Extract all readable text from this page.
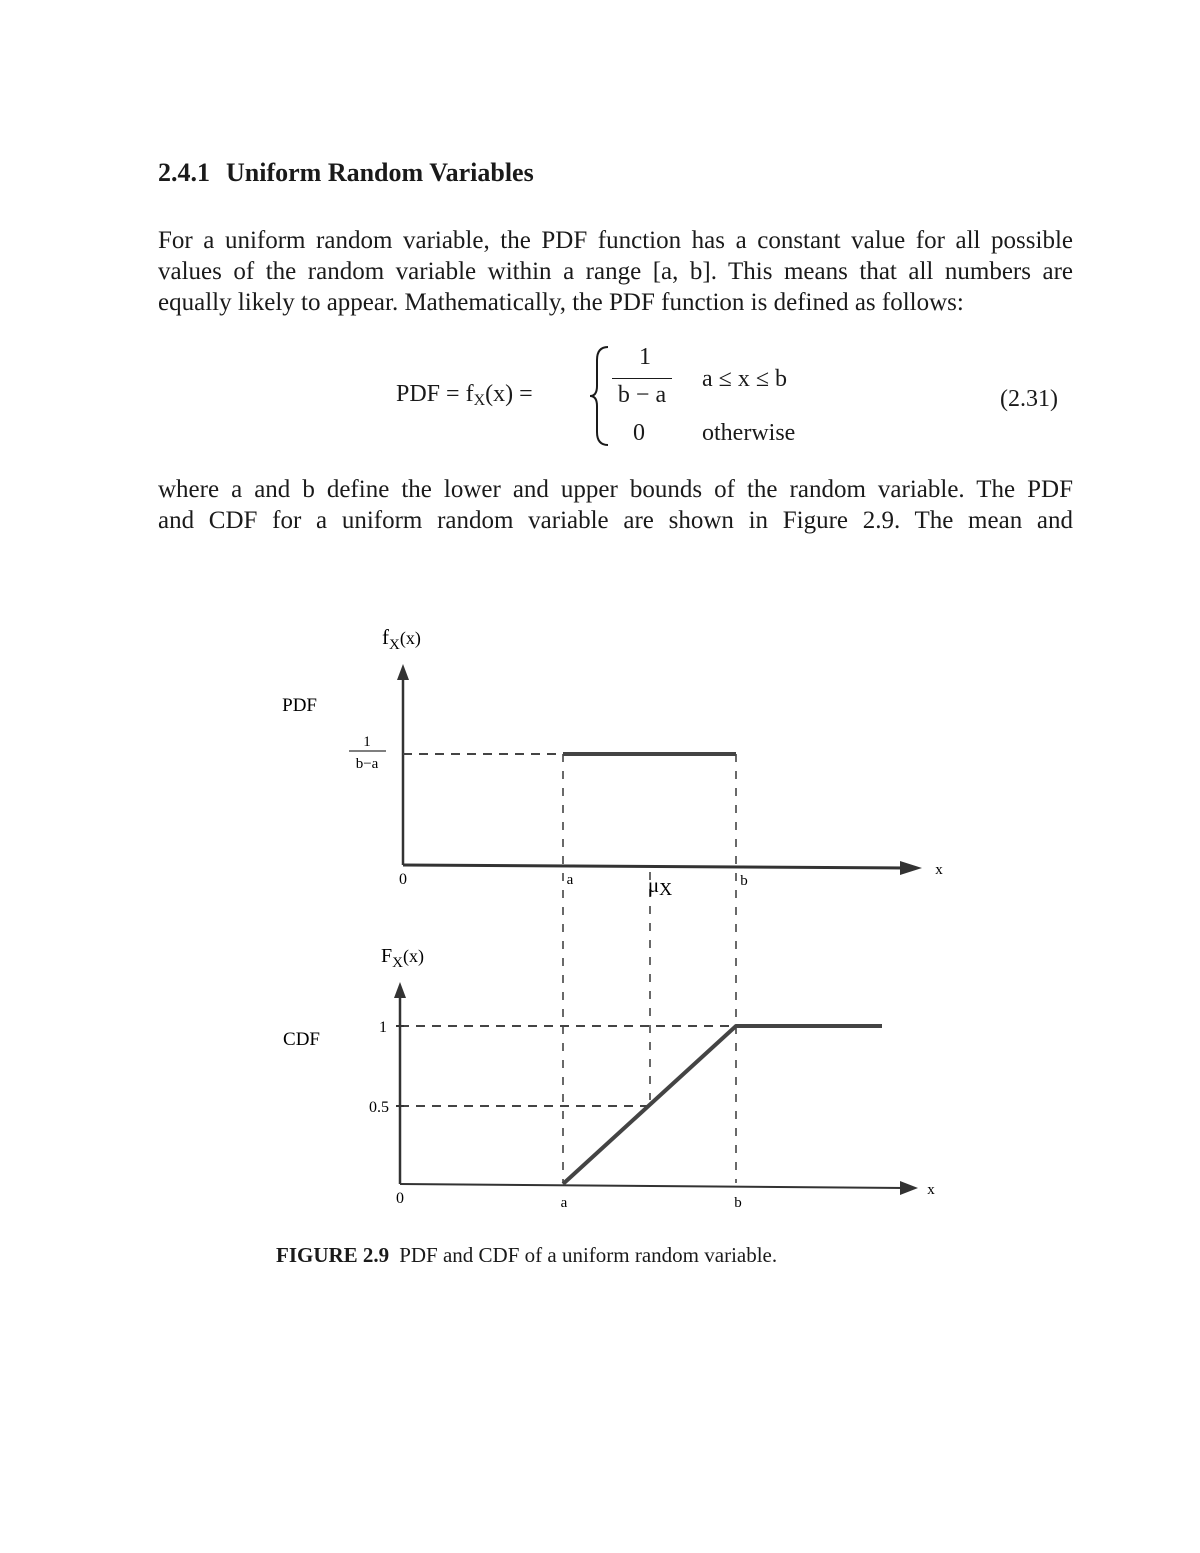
2.4.1 Uniform Random Variables
For a uniform random variable, the PDF function has a constant value for all possible
values of the random variable within a range [a, b]. This means that all numbers are
equally likely to appear. Mathematically, the PDF function is defined as follows:
PDF = fX(x) =
1
b − a
a ≤ x ≤ b
0 otherwise
(2.31)
where a and b define the lower and upper bounds of the random variable. The PDF
and CDF for a uniform random variable are shown in Figure 2.9. The mean and
PDF
$f_X(x)$
1
b−a
0	a	μX	b
x
CDF
$F_X(x)$
1
0.5
0	a	b
x
FIGURE 2.9 PDF and CDF of a uniform random variable.
